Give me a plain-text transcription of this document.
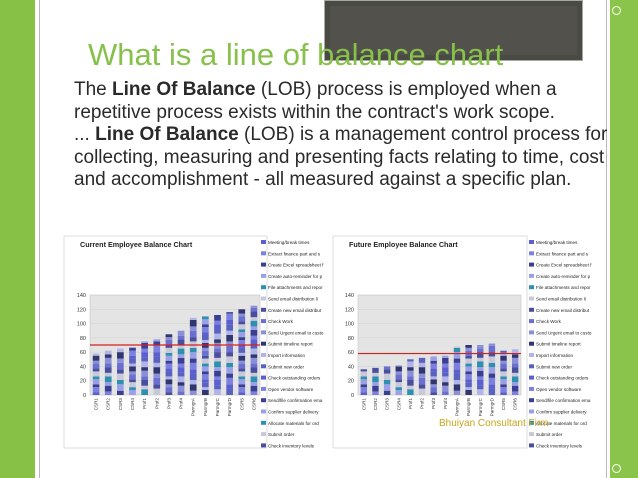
What is a line of balance chart
The Line Of Balance (LOB) process is employed when a repetitive process exists within the contract's work scope.
... Line Of Balance (LOB) is a management control process for collecting, measuring and presenting facts relating to time, cost and accomplishment - all measured against a specific plan.
Current Employee Balance Chart
0
20
40
60
80
100
120
140
CSR1 CSR2 CSR3 CSR4 Prof1 Prof2 Prof3 Prof4 ParmgrA ParmgrB ParmgrC ParmgrD CSR5 CSR6
Meeting/break times
Extract finance part and s
Create Excel spreadsheet f
Create auto-reminder for p
File attachments and repor
Send email distribution li
Create new email distribut
Check Work
Send Urgent email to custo
Submit timeline report
Import information
Submit new order
Check outstanding orders
Open vendor software
Send/file confirmation ema
Confirm supplier delivery
Allocate materials for ord
Submit order
Check inventory levels
Future Employee Balance Chart
0
20
40
60
80
100
120
140
CSR1 CSR2 CSR3 CSR4 Prof1 Prof2 Prof3 Prof4 ParmgrA ParmgrB ParmgrC ParmgrD CSR5 CSR6
Meeting/break times
Extract finance part and s
Create Excel spreadsheet f
Create auto-reminder for p
File attachments and repor
Send email distribution li
Create new email distribut
Check Work
Send Urgent email to custo
Submit timeline report
Import information
Submit new order
Check outstanding orders
Open vendor software
Send/file confirmation ema
Confirm supplier delivery
Allocate materials for ord
Submit order
Check inventory levels
Bhuiyan Consultant Firm
